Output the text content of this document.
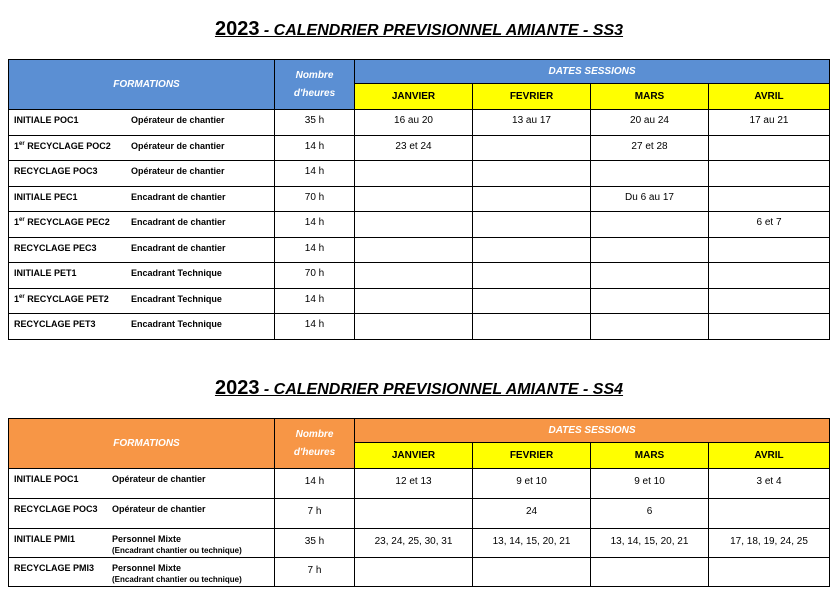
2023 - CALENDRIER PREVISIONNEL AMIANTE - SS3
FORMATIONS	Nombre
d'heures	DATES SESSIONS			
		JANVIER	FEVRIER	MARS	AVRIL
INITIALE POC1 Opérateur de chantier	35 h	16 au 20	13 au 17	20 au 24	17 au 21
1er RECYCLAGE POC2 Opérateur de chantier	14 h	23 et 24		27 et 28	
RECYCLAGE POC3 Opérateur de chantier	14 h				
INITIALE PEC1 Encadrant de chantier	70 h			Du 6 au 17	
1er RECYCLAGE PEC2 Encadrant de chantier	14 h				6 et 7
RECYCLAGE PEC3 Encadrant de chantier	14 h				
INITIALE PET1 Encadrant Technique	70 h				
1er RECYCLAGE PET2 Encadrant Technique	14 h				
RECYCLAGE PET3 Encadrant Technique	14 h				
2023 - CALENDRIER PREVISIONNEL AMIANTE - SS4
FORMATIONS	Nombre
d'heures	DATES SESSIONS			
		JANVIER	FEVRIER	MARS	AVRIL
INITIALE POC1 Opérateur de chantier	14 h	12 et 13	9 et 10	9 et 10	3 et 4
RECYCLAGE POC3 Opérateur de chantier	7 h		24	6	
INITIALE PMI1 Personnel Mixte
(Encadrant chantier ou technique)	35 h	23, 24, 25, 30, 31	13, 14, 15, 20, 21	13, 14, 15, 20, 21	17, 18, 19, 24, 25
RECYCLAGE PMI3 Personnel Mixte
(Encadrant chantier ou technique)	7 h				
